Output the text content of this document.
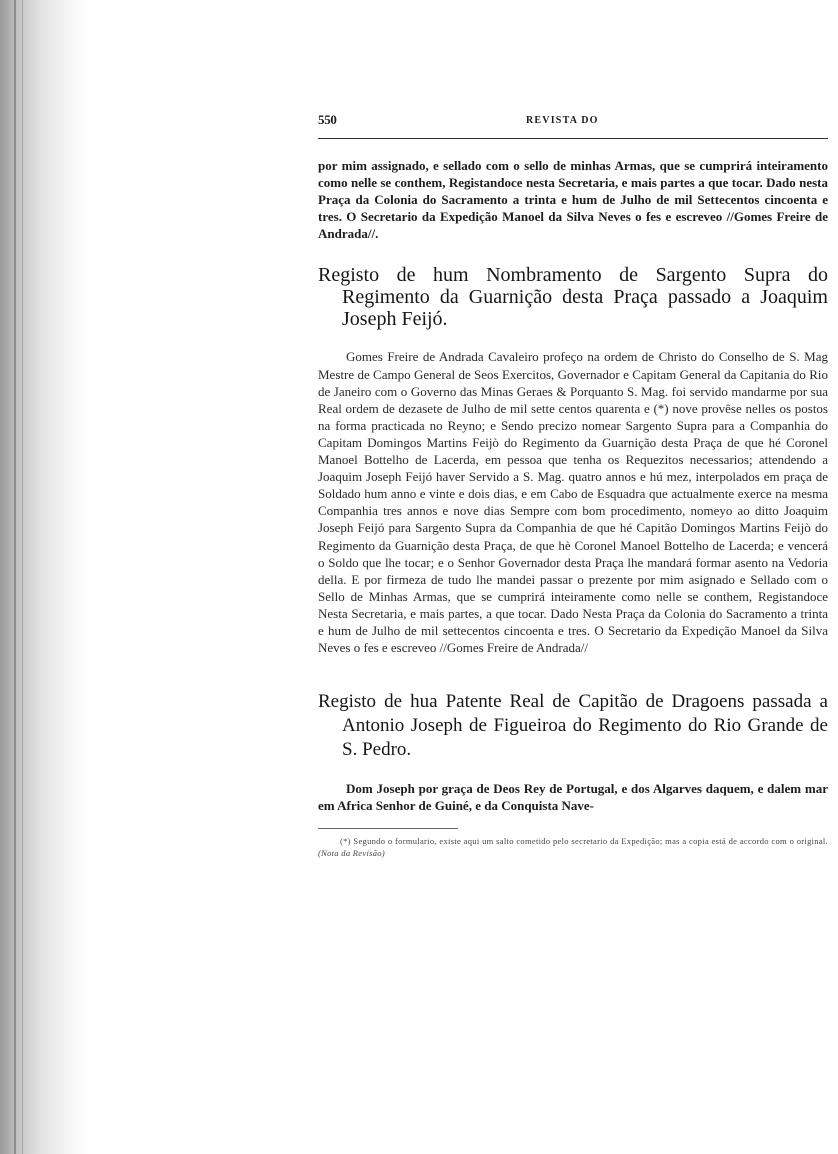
550	REVISTA DO

por mim assignado, e sellado com o sello de minhas Armas, que se cumprirá inteiramento como nelle se conthem, Registandoce nesta Secretaria, e mais partes a que tocar. Dado nesta Praça da Colonia do Sacramento a trinta e hum de Julho de mil Settecentos cincoenta e tres. O Secretario da Expedição Manoel da Silva Neves o fes e escreveo //Gomes Freire de Andrada//.

Registo de hum Nombramento de Sargento Supra do Regimento da Guarnição desta Praça passado a Joaquim Joseph Feijó.

Gomes Freire de Andrada Cavaleiro profeço na ordem de Christo do Conselho de S. Mag Mestre de Campo General de Seos Exercitos, Governador e Capitam General da Capitania do Rio de Janeiro com o Governo das Minas Geraes & Porquanto S. Mag. foi servido mandarme por sua Real ordem de dezasete de Julho de mil sette centos quarenta e (*) nove provêse nelles os postos na forma practicada no Reyno; e Sendo precizo nomear Sargento Supra para a Companhia do Capitam Domingos Martins Feijò do Regimento da Guarnição desta Praça de que hé Coronel Manoel Bottelho de Lacerda, em pessoa que tenha os Requezitos necessarios; attendendo a Joaquim Joseph Feijó haver Servido a S. Mag. quatro annos e hú mez, interpolados em praça de Soldado hum anno e vinte e dois dias, e em Cabo de Esquadra que actualmente exerce na mesma Companhia tres annos e nove dias Sempre com bom procedimento, nomeyo ao ditto Joaquim Joseph Feijó para Sargento Supra da Companhia de que hé Capitão Domingos Martins Feijò do Regimento da Guarnição desta Praça, de que hè Coronel Manoel Bottelho de Lacerda; e vencerá o Soldo que lhe tocar; e o Senhor Governador desta Praça lhe mandará formar asento na Vedoria della. E por firmeza de tudo lhe mandei passar o prezente por mim asignado e Sellado com o Sello de Minhas Armas, que se cumprirá inteiramente como nelle se conthem, Registandoce Nesta Secretaria, e mais partes, a que tocar. Dado Nesta Praça da Colonia do Sacramento a trinta e hum de Julho de mil settecentos cincoenta e tres. O Secretario da Expedição Manoel da Silva Neves o fes e escreveo //Gomes Freire de Andrada//

Registo de hua Patente Real de Capitão de Dragoens passada a Antonio Joseph de Figueiroa do Regimento do Rio Grande de S. Pedro.

Dom Joseph por graça de Deos Rey de Portugal, e dos Algarves daquem, e dalem mar em Africa Senhor de Guiné, e da Conquista Nave-

(*) Segundo o formulario, existe aqui um salto cometido pelo secretario da Expedição; mas a copia está de accordo com o original. (Nota da Revisão)
